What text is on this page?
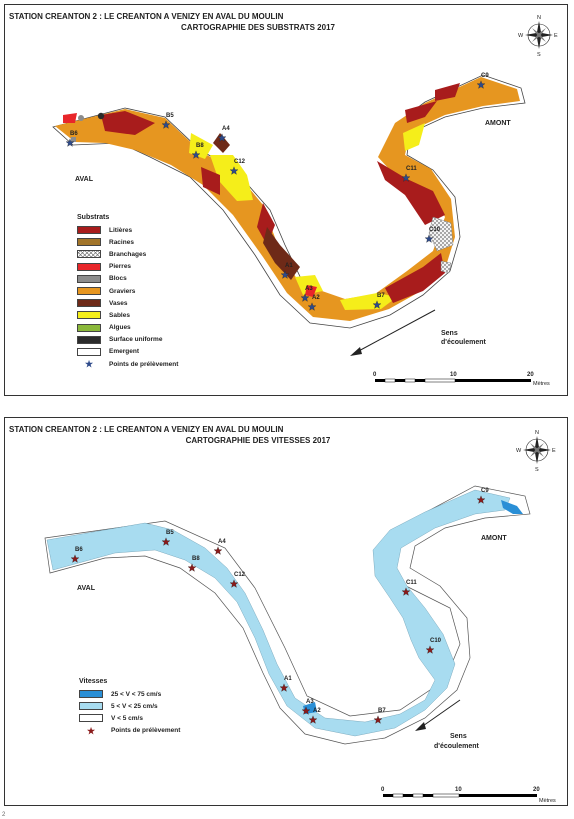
STATION CREANTON 2 : LE CREANTON A VENIZY EN AVAL DU MOULIN
CARTOGRAPHIE DES SUBSTRATS 2017
B6
B5
A4
B8
C12
C9
C11
C10
A1
A3
A2	B7
AVAL
AMONT
Sens
d'écoulement
0	10	20
Mètres
N
S
E
W
Substrats
Litières
Racines
Branchages
Pierres
Blocs
Graviers
Vases
Sables
Algues
Surface uniforme
Emergent
★	Points de prélèvement
STATION CREANTON 2 : LE CREANTON A VENIZY EN AVAL DU MOULIN
CARTOGRAPHIE DES VITESSES 2017
B6
B5
A4
B8
C12
C9
C11
C10
A1
A3
A2	B7
AVAL
AMONT
Sens
d'écoulement
0	10	20
Mètres
N
S
E
W
Vitesses
25 < V < 75 cm/s
5 < V < 25 cm/s
V < 5 cm/s
★	Points de prélèvement
2
